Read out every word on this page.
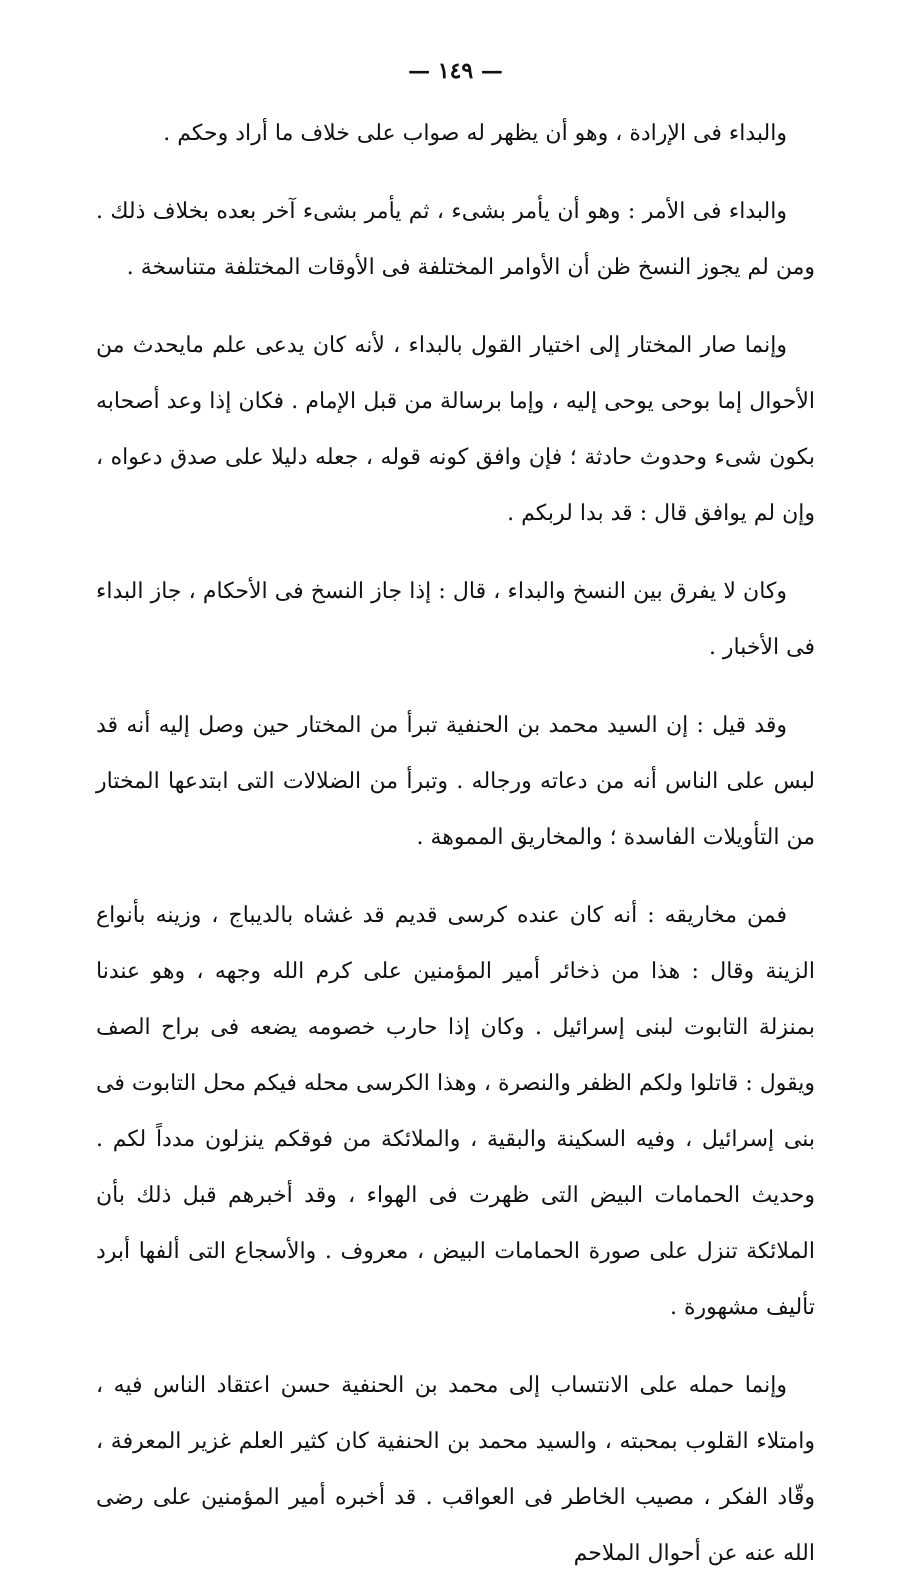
— ١٤٩ —

والبداء فى الإرادة ، وهو أن يظهر له صواب على خلاف ما أراد وحكم .

والبداء فى الأمر : وهو أن يأمر بشىء ، ثم يأمر بشىء آخر بعده بخلاف ذلك . ومن لم يجوز النسخ ظن أن الأوامر المختلفة فى الأوقات المختلفة متناسخة .

وإنما صار المختار إلى اختيار القول بالبداء ، لأنه كان يدعى علم مايحدث من الأحوال إما بوحى يوحى إليه ، وإما برسالة من قبل الإمام . فكان إذا وعد أصحابه بكون شىء وحدوث حادثة ؛ فإن وافق كونه قوله ، جعله دليلا على صدق دعواه ، وإن لم يوافق قال : قد بدا لربكم .

وكان لا يفرق بين النسخ والبداء ، قال : إذا جاز النسخ فى الأحكام ، جاز البداء فى الأخبار .

وقد قيل : إن السيد محمد بن الحنفية تبرأ من المختار حين وصل إليه أنه قد لبس على الناس أنه من دعاته ورجاله . وتبرأ من الضلالات التى ابتدعها المختار من التأويلات الفاسدة ؛ والمخاريق المموهة .

فمن مخاريقه : أنه كان عنده كرسى قديم قد غشاه بالديباج ، وزينه بأنواع الزينة وقال : هذا من ذخائر أمير المؤمنين على كرم الله وجهه ، وهو عندنا بمنزلة التابوت لبنى إسرائيل . وكان إذا حارب خصومه يضعه فى براح الصف ويقول : قاتلوا ولكم الظفر والنصرة ، وهذا الكرسى محله فيكم محل التابوت فى بنى إسرائيل ، وفيه السكينة والبقية ، والملائكة من فوقكم ينزلون مدداً لكم . وحديث الحمامات البيض التى ظهرت فى الهواء ، وقد أخبرهم قبل ذلك بأن الملائكة تنزل على صورة الحمامات البيض ، معروف . والأسجاع التى ألفها أبرد تأليف مشهورة .

وإنما حمله على الانتساب إلى محمد بن الحنفية حسن اعتقاد الناس فيه ، وامتلاء القلوب بمحبته ، والسيد محمد بن الحنفية كان كثير العلم غزير المعرفة ، وقّاد الفكر ، مصيب الخاطر فى العواقب . قد أخبره أمير المؤمنين على رضى الله عنه عن أحوال الملاحم
